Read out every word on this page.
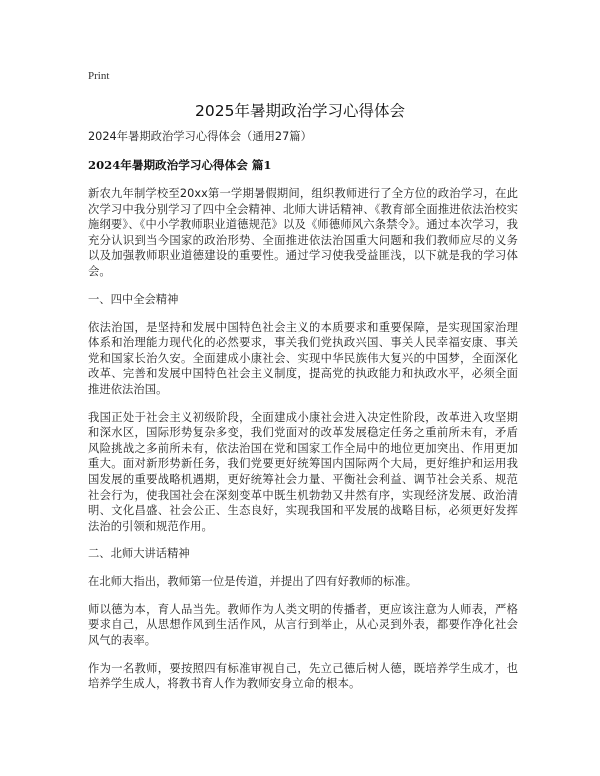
Print
2025年暑期政治学习心得体会

2024年暑期政治学习心得体会（通用27篇）

2024年暑期政治学习心得体会 篇1

新农九年制学校至20xx第一学期暑假期间，组织教师进行了全方位的政治学习，在此次学习中我分别学习了四中全会精神、北师大讲话精神、《教育部全面推进依法治校实施纲要》、《中小学教师职业道德规范》以及《师德师风六条禁令》。通过本次学习，我充分认识到当今国家的政治形势、全面推进依法治国重大问题和我们教师应尽的义务以及加强教师职业道德建设的重要性。通过学习使我受益匪浅，以下就是我的学习体会。

一、四中全会精神

依法治国，是坚持和发展中国特色社会主义的本质要求和重要保障，是实现国家治理体系和治理能力现代化的必然要求，事关我们党执政兴国、事关人民幸福安康、事关党和国家长治久安。全面建成小康社会、实现中华民族伟大复兴的中国梦，全面深化改革、完善和发展中国特色社会主义制度，提高党的执政能力和执政水平，必须全面推进依法治国。

我国正处于社会主义初级阶段，全面建成小康社会进入决定性阶段，改革进入攻坚期和深水区，国际形势复杂多变，我们党面对的改革发展稳定任务之重前所未有，矛盾风险挑战之多前所未有，依法治国在党和国家工作全局中的地位更加突出、作用更加重大。面对新形势新任务，我们党要更好统筹国内国际两个大局，更好维护和运用我国发展的重要战略机遇期，更好统筹社会力量、平衡社会利益、调节社会关系、规范社会行为，使我国社会在深刻变革中既生机勃勃又井然有序，实现经济发展、政治清明、文化昌盛、社会公正、生态良好，实现我国和平发展的战略目标，必须更好发挥法治的引领和规范作用。

二、北师大讲话精神

在北师大指出，教师第一位是传道，并提出了四有好教师的标准。

师以德为本，育人品当先。教师作为人类文明的传播者，更应该注意为人师表，严格要求自己，从思想作风到生活作风，从言行到举止，从心灵到外表，都要作净化社会风气的表率。

作为一名教师，要按照四有标准审视自己，先立己德后树人德，既培养学生成才，也培养学生成人，将教书育人作为教师安身立命的根本。
